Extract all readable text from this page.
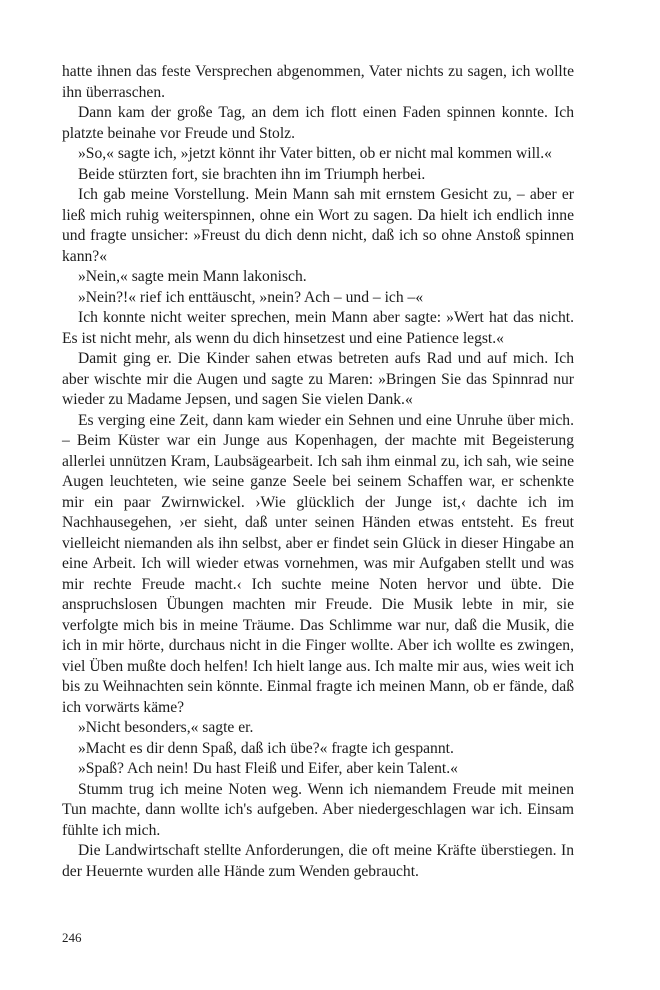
hatte ihnen das feste Versprechen abgenommen, Vater nichts zu sagen, ich wollte ihn überraschen.

Dann kam der große Tag, an dem ich flott einen Faden spinnen konnte. Ich platzte beinahe vor Freude und Stolz.

»So,« sagte ich, »jetzt könnt ihr Vater bitten, ob er nicht mal kommen will.«

Beide stürzten fort, sie brachten ihn im Triumph herbei.

Ich gab meine Vorstellung. Mein Mann sah mit ernstem Gesicht zu, – aber er ließ mich ruhig weiterspinnen, ohne ein Wort zu sagen. Da hielt ich endlich inne und fragte unsicher: »Freust du dich denn nicht, daß ich so ohne Anstoß spinnen kann?«

»Nein,« sagte mein Mann lakonisch.

»Nein?!« rief ich enttäuscht, »nein? Ach – und – ich –«

Ich konnte nicht weiter sprechen, mein Mann aber sagte: »Wert hat das nicht. Es ist nicht mehr, als wenn du dich hinsetzest und eine Patience legst.«

Damit ging er. Die Kinder sahen etwas betreten aufs Rad und auf mich. Ich aber wischte mir die Augen und sagte zu Maren: »Bringen Sie das Spinnrad nur wieder zu Madame Jepsen, und sagen Sie vielen Dank.«

Es verging eine Zeit, dann kam wieder ein Sehnen und eine Unruhe über mich. – Beim Küster war ein Junge aus Kopenhagen, der machte mit Begeisterung allerlei unnützen Kram, Laubsägearbeit. Ich sah ihm einmal zu, ich sah, wie seine Augen leuchteten, wie seine ganze Seele bei seinem Schaffen war, er schenkte mir ein paar Zwirnwickel. ›Wie glücklich der Junge ist,‹ dachte ich im Nachhausegehen, ›er sieht, daß unter seinen Händen etwas entsteht. Es freut vielleicht niemanden als ihn selbst, aber er findet sein Glück in dieser Hingabe an eine Arbeit. Ich will wieder etwas vornehmen, was mir Aufgaben stellt und was mir rechte Freude macht.‹ Ich suchte meine Noten hervor und übte. Die anspruchslosen Übungen machten mir Freude. Die Musik lebte in mir, sie verfolgte mich bis in meine Träume. Das Schlimme war nur, daß die Musik, die ich in mir hörte, durchaus nicht in die Finger wollte. Aber ich wollte es zwingen, viel Üben mußte doch helfen! Ich hielt lange aus. Ich malte mir aus, wies weit ich bis zu Weihnachten sein könnte. Einmal fragte ich meinen Mann, ob er fände, daß ich vorwärts käme?

»Nicht besonders,« sagte er.

»Macht es dir denn Spaß, daß ich übe?« fragte ich gespannt.

»Spaß? Ach nein! Du hast Fleiß und Eifer, aber kein Talent.«

Stumm trug ich meine Noten weg. Wenn ich niemandem Freude mit meinen Tun machte, dann wollte ich's aufgeben. Aber niedergeschlagen war ich. Einsam fühlte ich mich.

Die Landwirtschaft stellte Anforderungen, die oft meine Kräfte überstiegen. In der Heuernte wurden alle Hände zum Wenden gebraucht.

246
